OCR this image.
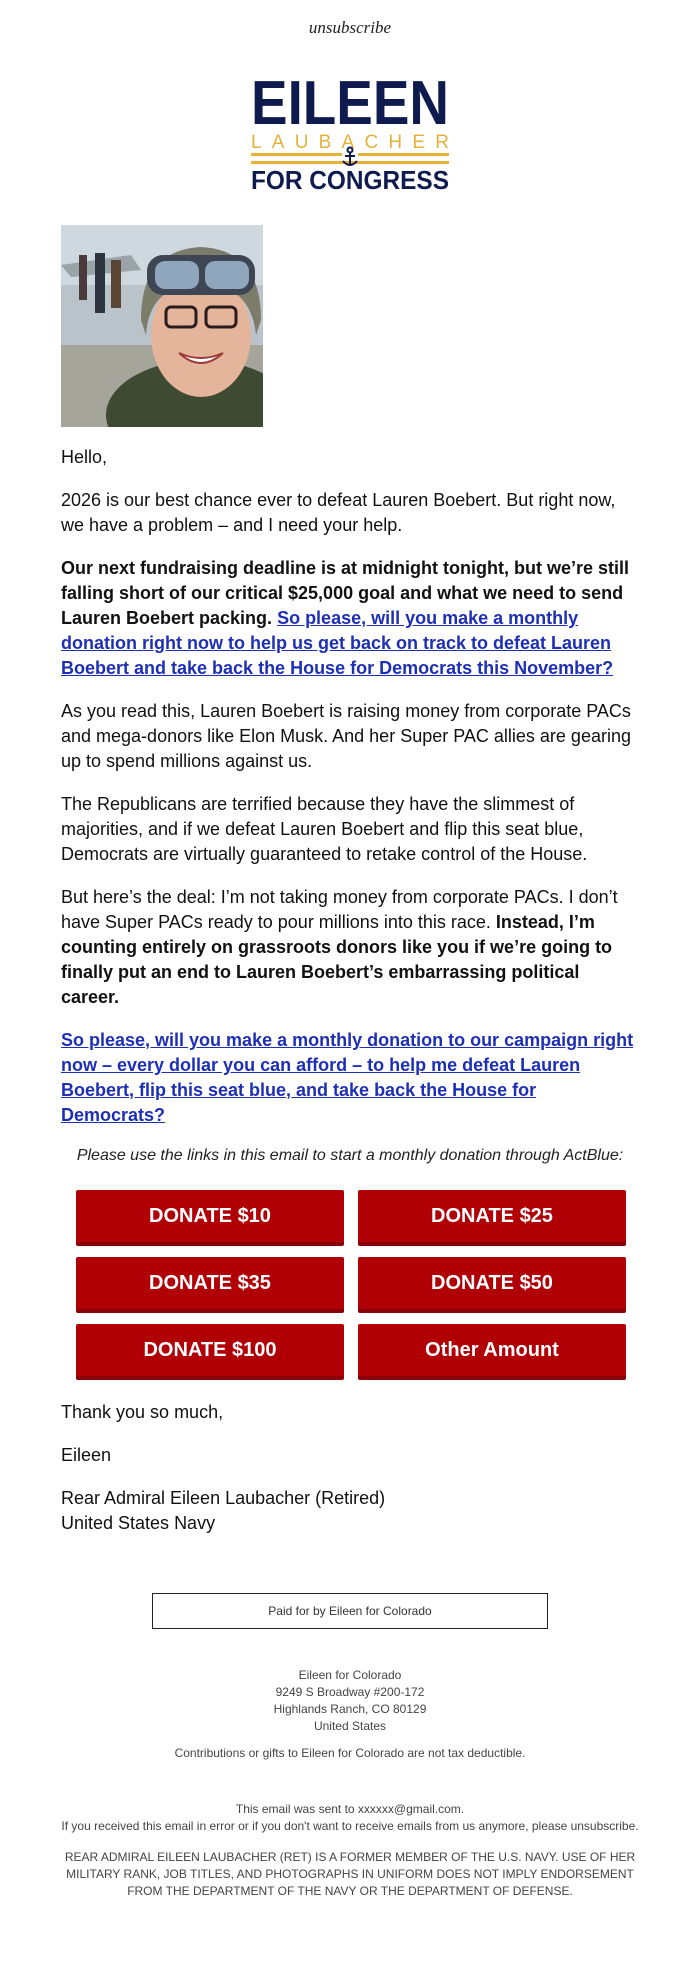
unsubscribe
EILEEN
LAUBACHER
FOR CONGRESS

Hello,

2026 is our best chance ever to defeat Lauren Boebert. But right now, we have a problem – and I need your help.

Our next fundraising deadline is at midnight tonight, but we’re still falling short of our critical $25,000 goal and what we need to send Lauren Boebert packing. So please, will you make a monthly donation right now to help us get back on track to defeat Lauren Boebert and take back the House for Democrats this November?

As you read this, Lauren Boebert is raising money from corporate PACs and mega-donors like Elon Musk. And her Super PAC allies are gearing up to spend millions against us.

The Republicans are terrified because they have the slimmest of majorities, and if we defeat Lauren Boebert and flip this seat blue, Democrats are virtually guaranteed to retake control of the House.

But here’s the deal: I’m not taking money from corporate PACs. I don’t have Super PACs ready to pour millions into this race. Instead, I’m counting entirely on grassroots donors like you if we’re going to finally put an end to Lauren Boebert’s embarrassing political career.

So please, will you make a monthly donation to our campaign right now – every dollar you can afford – to help me defeat Lauren Boebert, flip this seat blue, and take back the House for Democrats?

Please use the links in this email to start a monthly donation through ActBlue:
DONATE $10	DONATE $25
DONATE $35	DONATE $50
DONATE $100	Other Amount
Thank you so much,
Eileen
Rear Admiral Eileen Laubacher (Retired)
United States Navy
Paid for by Eileen for Colorado
Eileen for Colorado
9249 S Broadway #200-172
Highlands Ranch, CO 80129
United States
Contributions or gifts to Eileen for Colorado are not tax deductible.
This email was sent to xxxxxx@gmail.com.
If you received this email in error or if you don't want to receive emails from us anymore, please unsubscribe.
REAR ADMIRAL EILEEN LAUBACHER (RET) IS A FORMER MEMBER OF THE U.S. NAVY. USE OF HER MILITARY RANK, JOB TITLES, AND PHOTOGRAPHS IN UNIFORM DOES NOT IMPLY ENDORSEMENT FROM THE DEPARTMENT OF THE NAVY OR THE DEPARTMENT OF DEFENSE.
